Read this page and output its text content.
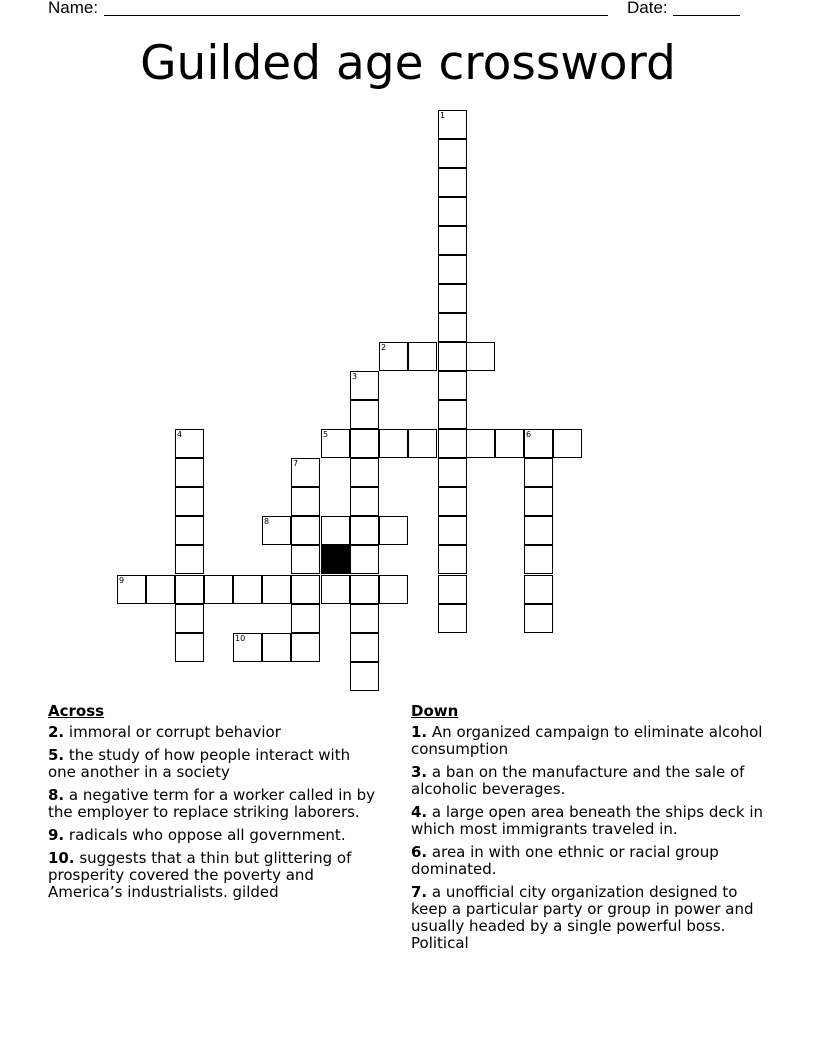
Name:	Date:
Guilded age crossword
1
2
3
4	5	6
7
8
9
10
Across
2. immoral or corrupt behavior
5. the study of how people interact with one another in a society
8. a negative term for a worker called in by the employer to replace striking laborers.
9. radicals who oppose all government.
10. suggests that a thin but glittering of prosperity covered the poverty and America’s industrialists. gilded
Down
1. An organized campaign to eliminate alcohol consumption
3. a ban on the manufacture and the sale of alcoholic beverages.
4. a large open area beneath the ships deck in which most immigrants traveled in.
6. area in with one ethnic or racial group dominated.
7. a unofficial city organization designed to keep a particular party or group in power and usually headed by a single powerful boss. Political
